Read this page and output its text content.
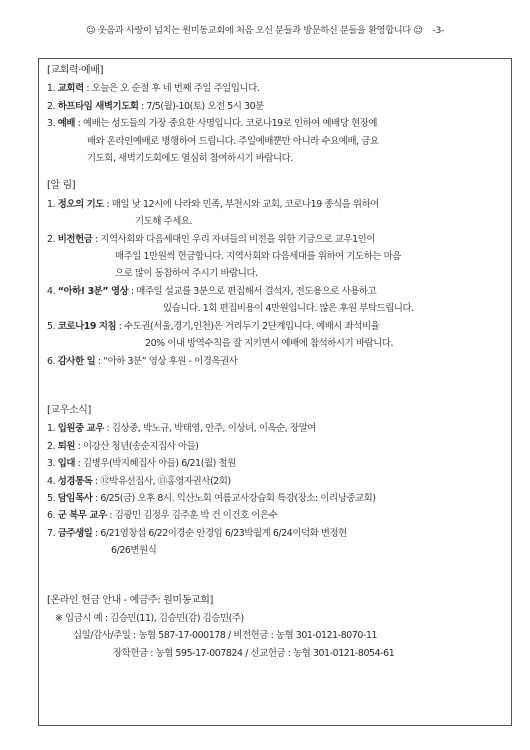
☺ 웃음과 사랑이 넘치는 원미동교회에 처음 오신 분들과 방문하신 분들을 환영합니다 ☺ -3-
[교회력·예배]
1. 교회력 : 오늘은 오 순절 후 네 번째 주일 주일입니다.
2. 하프타임 새벽기도회 : 7/5(월)-10(토) 오전 5시 30분
3. 예배 : 예배는 성도들의 가장 중요한 사명입니다. 코로나19로 인하여 예배당 현장예
배와 온라인예배로 병행하여 드립니다. 주일예배뿐만 아니라 수요예배, 금요
기도회, 새벽기도회에도 열심히 참여하시기 바랍니다.
[알 림]
1. 정오의 기도 : 매일 낮 12시에 나라와 민족, 부천시와 교회, 코로나19 종식을 위하여
기도해 주세요.
2. 비전헌금 : 지역사회와 다음세대인 우리 자녀들의 비전을 위한 기금으로 교우1인이
매주일 1만원씩 헌금합니다. 지역사회와 다음세대를 위하여 기도하는 마음
으로 많이 동참하여 주시기 바랍니다.
4. “아하! 3분” 영상 : 매주일 설교를 3분으로 편집해서 결석자, 전도용으로 사용하고
있습니다. 1회 편집비용이 4만원입니다. 많은 후원 부탁드립니다.
5. 코로나19 지침 : 수도권(서울,경기,인천)은 거리두기 2단계입니다. 예배시 좌석비율
20% 이내 방역수칙을 잘 지키면서 예배에 참석하시기 바랍니다.
6. 감사한 일 : “아하 3분” 영상 후원 - 이경옥권사
[교우소식]
1. 입원중 교우 : 김상중, 박노규, 박태영, 안주, 이상녀, 이옥순, 장말여
2. 퇴원 : 이강산 청년(송순지집사 아들)
3. 입대 : 김병우(박지혜집사 아들) 6/21(월) 철원
4. 성경통독 : ⑫박유선집사, ⑬홍영자권사(2회)
5. 담임목사 : 6/25(금) 오후 8시. 익산노회 여름교사강습회 특강(장소: 이리낭중교회)
6. 군 복무 교우 : 김광민 김정우 김주훈 박 건 이건호 이은수
7. 금주생일 : 6/21염창섭 6/22이경순 안경임 6/23박월계 6/24이덕화 변정현
6/26변원식
[온라인 헌금 안내 - 예금주: 원미동교회]
※ 입금시 예 : 김승민(11), 김승민(감) 김승민(주)
십일/감사/주일 : 농협 587-17-000178 / 비전헌금 : 농협 301-0121-8070-11
장학헌금 : 농협 595-17-007824 / 선교헌금 : 농협 301-0121-8054-61
